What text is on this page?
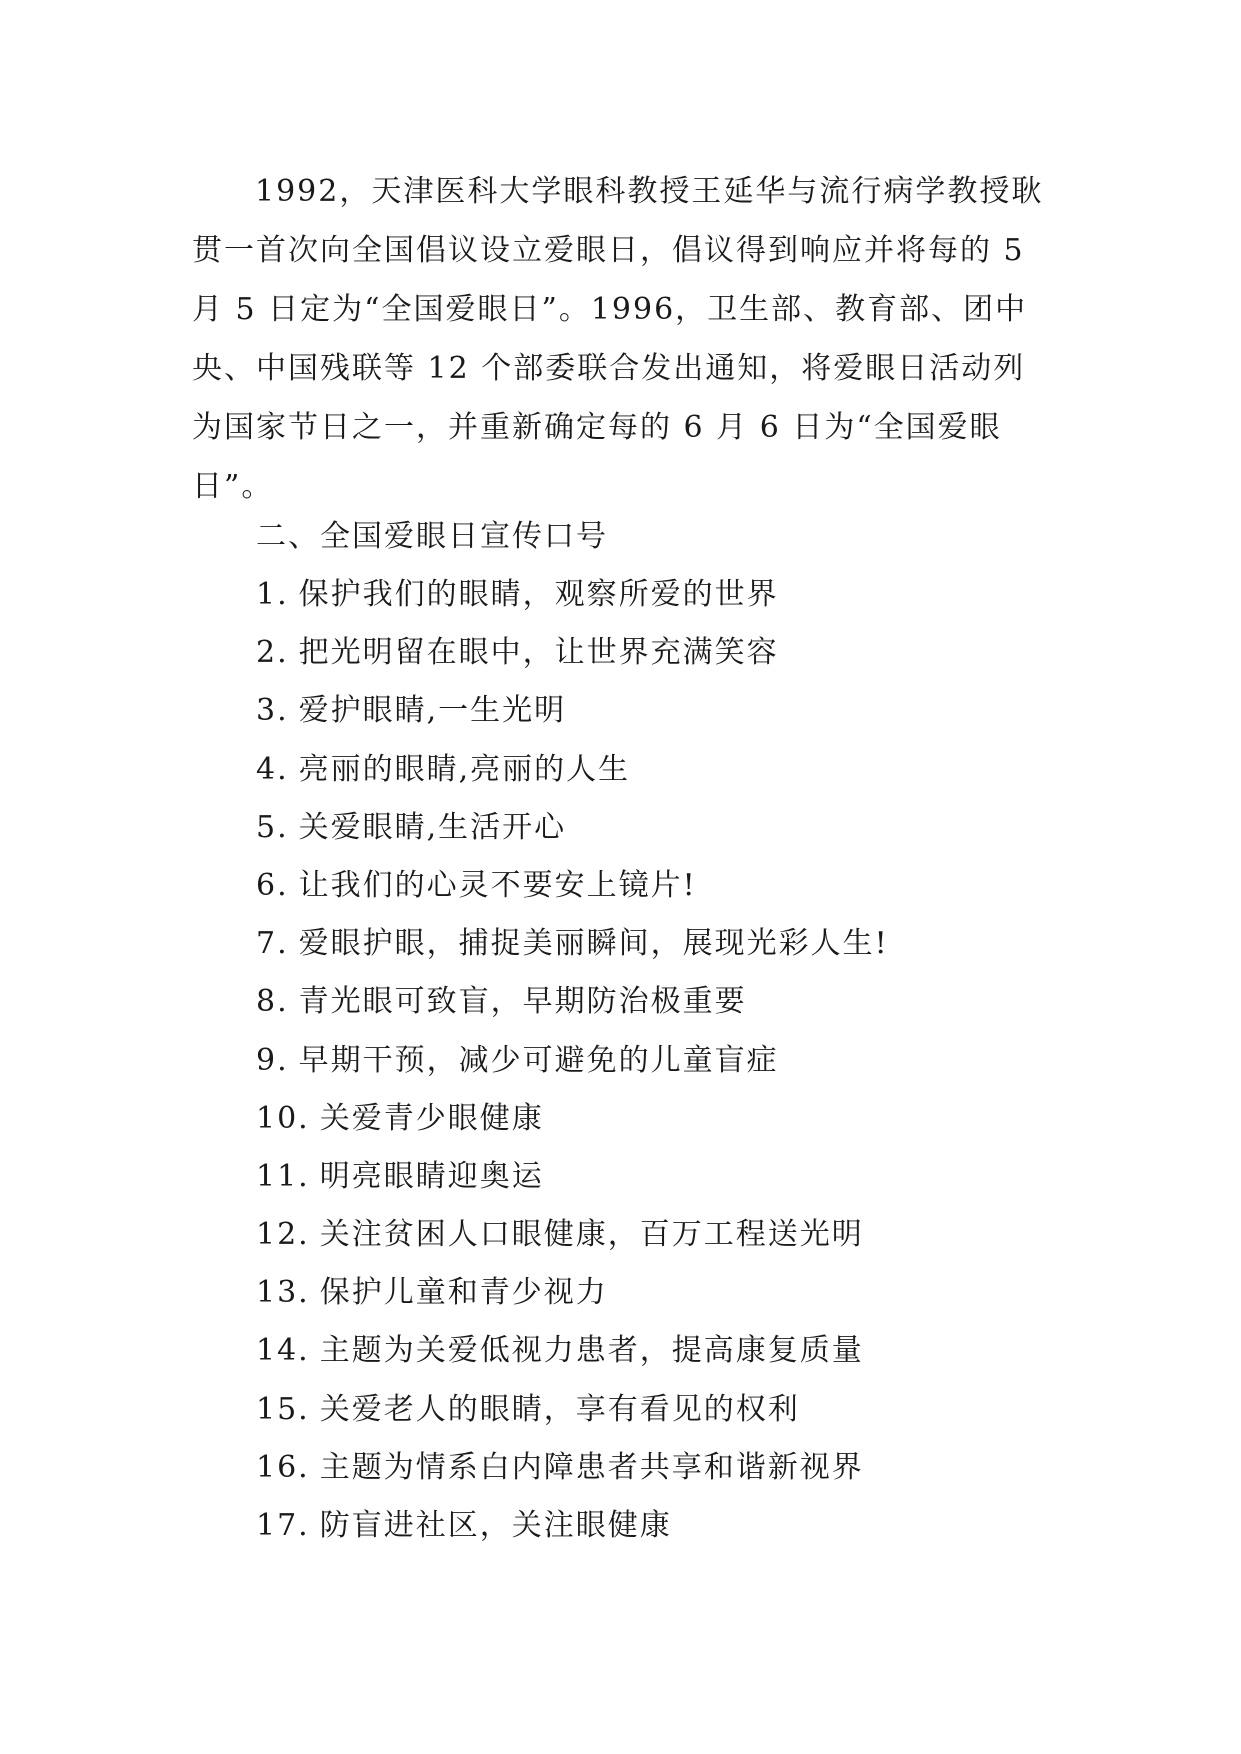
1992，天津医科大学眼科教授王延华与流行病学教授耿
贯一首次向全国倡议设立爱眼日，倡议得到响应并将每的 5
月 5 日定为“全国爱眼日”。1996，卫生部、教育部、团中
央、中国残联等 12 个部委联合发出通知，将爱眼日活动列
为国家节日之一，并重新确定每的 6 月 6 日为“全国爱眼
日”。
二、全国爱眼日宣传口号
1. 保护我们的眼睛，观察所爱的世界
2. 把光明留在眼中，让世界充满笑容
3. 爱护眼睛,一生光明
4. 亮丽的眼睛,亮丽的人生
5. 关爱眼睛,生活开心
6. 让我们的心灵不要安上镜片!
7. 爱眼护眼，捕捉美丽瞬间，展现光彩人生!
8. 青光眼可致盲，早期防治极重要
9. 早期干预，减少可避免的儿童盲症
10. 关爱青少眼健康
11. 明亮眼睛迎奥运
12. 关注贫困人口眼健康，百万工程送光明
13. 保护儿童和青少视力
14. 主题为关爱低视力患者，提高康复质量
15. 关爱老人的眼睛，享有看见的权利
16. 主题为情系白内障患者共享和谐新视界
17. 防盲进社区，关注眼健康
